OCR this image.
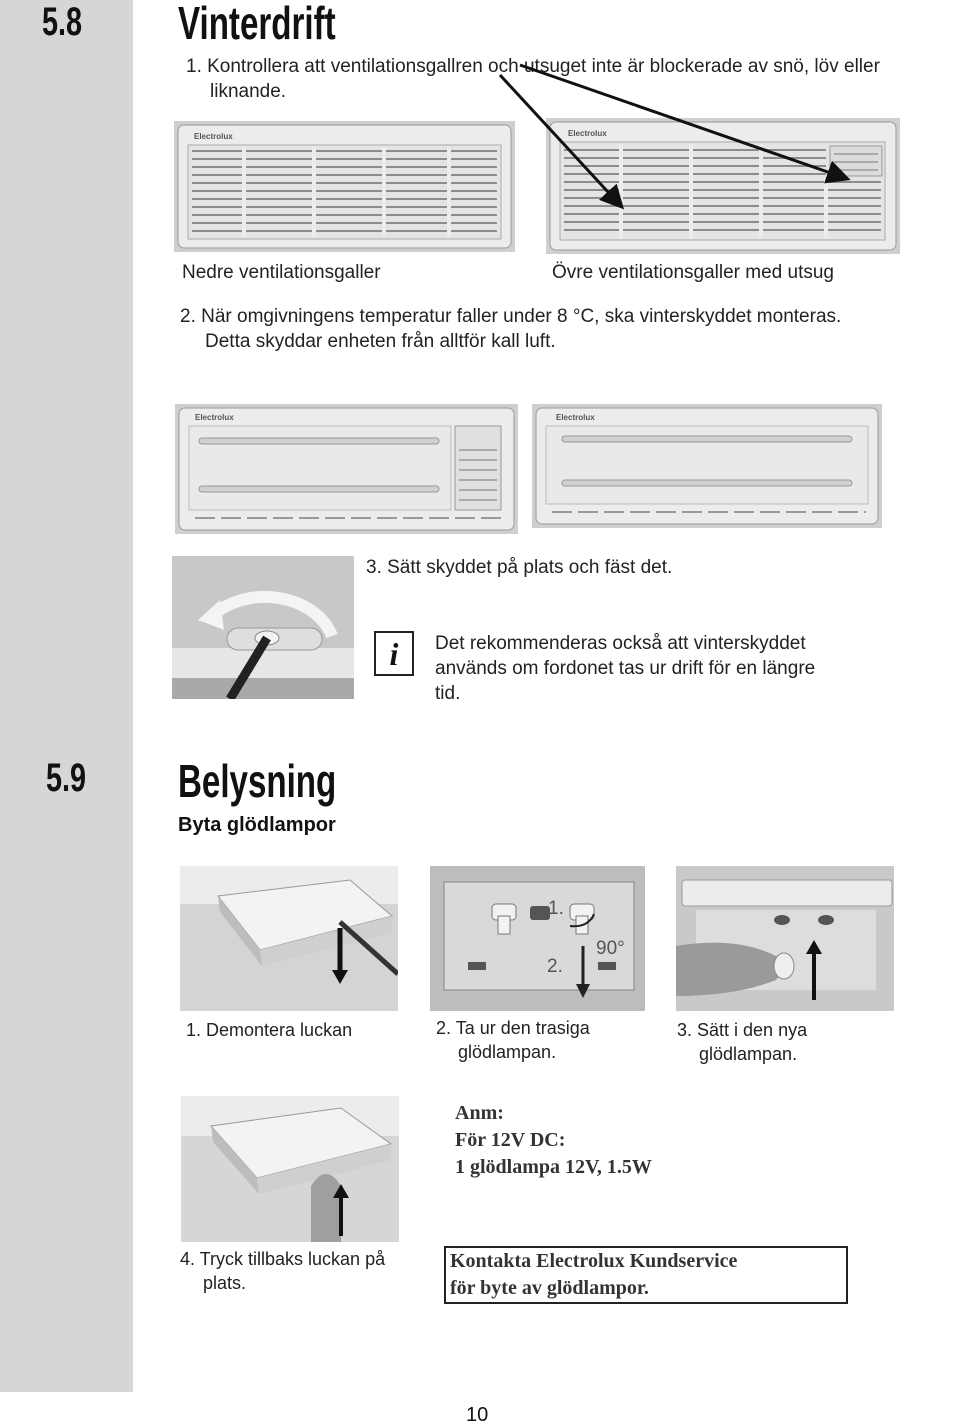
5.8 Vinterdrift
1. Kontrollera att ventilationsgallren och utsuget inte är blockerade av snö, löv eller
liknande.
Electrolux	Electrolux
Nedre ventilationsgaller	Övre ventilationsgaller med utsug
2. När omgivningens temperatur faller under 8 °C, ska vinterskyddet monteras.
Detta skyddar enheten från alltför kall luft.
Electrolux	Electrolux
3. Sätt skyddet på plats och fäst det.
i	Det rekommenderas också att vinterskyddet
används om fordonet tas ur drift för en längre
tid.
5.9 Belysning
Byta glödlampor
1.
2.
90°
1. Demontera luckan	2. Ta ur den trasiga
glödlampan.
3. Sätt i den nya
glödlampan.
Anm:
För 12V DC:
1 glödlampa 12V, 1.5W
4. Tryck tillbaks luckan på
plats.
Kontakta Electrolux Kundservice
för byte av glödlampor.
10
